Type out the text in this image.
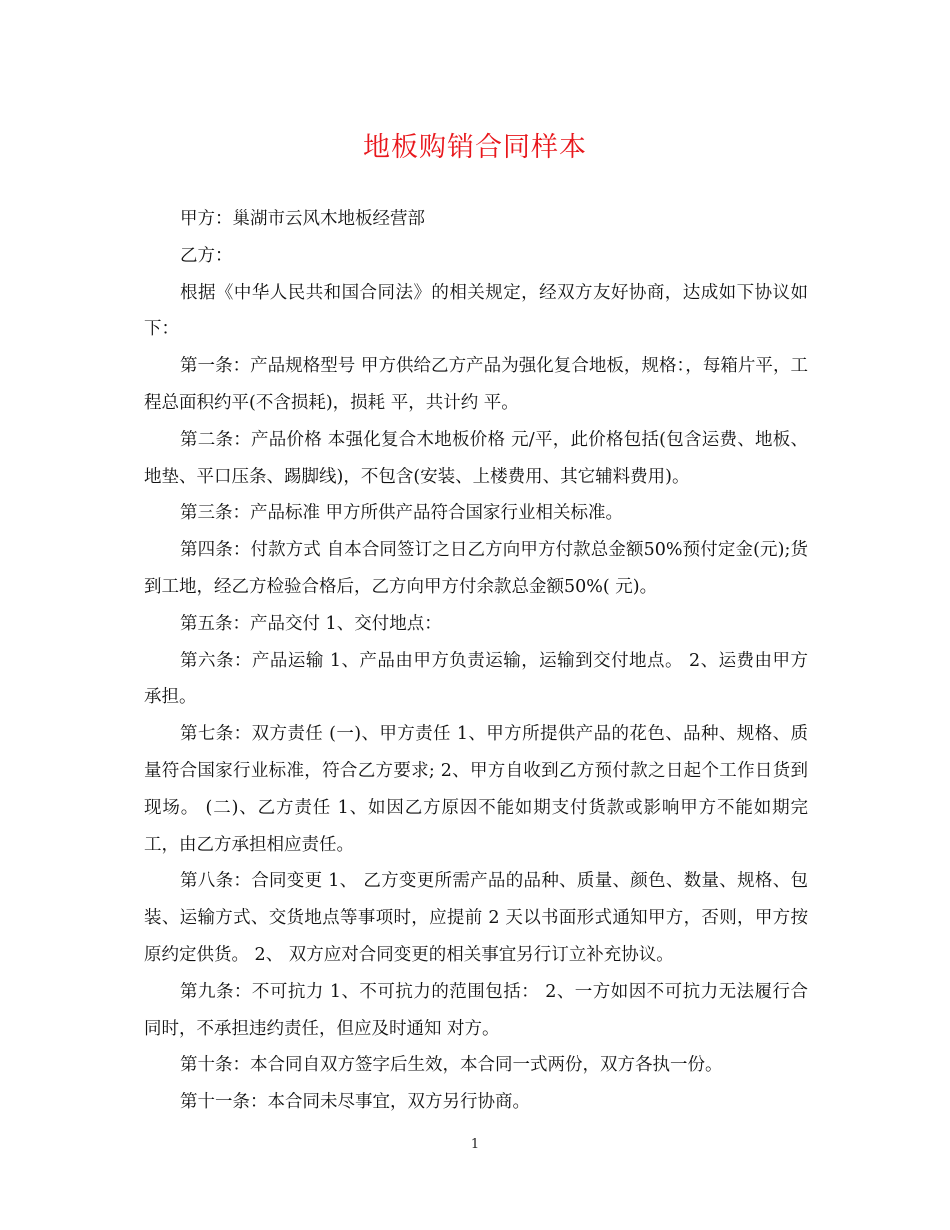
地板购销合同样本

甲方：巢湖市云风木地板经营部

乙方：

根据《中华人民共和国合同法》的相关规定，经双方友好协商，达成如下协议如下：

第一条：产品规格型号 甲方供给乙方产品为强化复合地板，规格：，每箱片平，工程总面积约平(不含损耗)，损耗 平，共计约 平。

第二条：产品价格 本强化复合木地板价格 元/平，此价格包括(包含运费、地板、地垫、平口压条、踢脚线)，不包含(安装、上楼费用、其它辅料费用)。

第三条：产品标准 甲方所供产品符合国家行业相关标准。

第四条：付款方式 自本合同签订之日乙方向甲方付款总金额50%预付定金(元);货到工地，经乙方检验合格后，乙方向甲方付余款总金额50%( 元)。

第五条：产品交付 1、交付地点：

第六条：产品运输 1、产品由甲方负责运输，运输到交付地点。 2、运费由甲方承担。

第七条：双方责任 (一)、甲方责任 1、甲方所提供产品的花色、品种、规格、质量符合国家行业标准，符合乙方要求; 2、甲方自收到乙方预付款之日起个工作日货到现场。 (二)、乙方责任 1、如因乙方原因不能如期支付货款或影响甲方不能如期完工，由乙方承担相应责任。

第八条：合同变更 1、 乙方变更所需产品的品种、质量、颜色、数量、规格、包装、运输方式、交货地点等事项时，应提前 2 天以书面形式通知甲方，否则，甲方按原约定供货。 2、 双方应对合同变更的相关事宜另行订立补充协议。

第九条：不可抗力 1、不可抗力的范围包括： 2、一方如因不可抗力无法履行合同时，不承担违约责任，但应及时通知 对方。

第十条：本合同自双方签字后生效，本合同一式两份，双方各执一份。

第十一条：本合同未尽事宜，双方另行协商。

1
